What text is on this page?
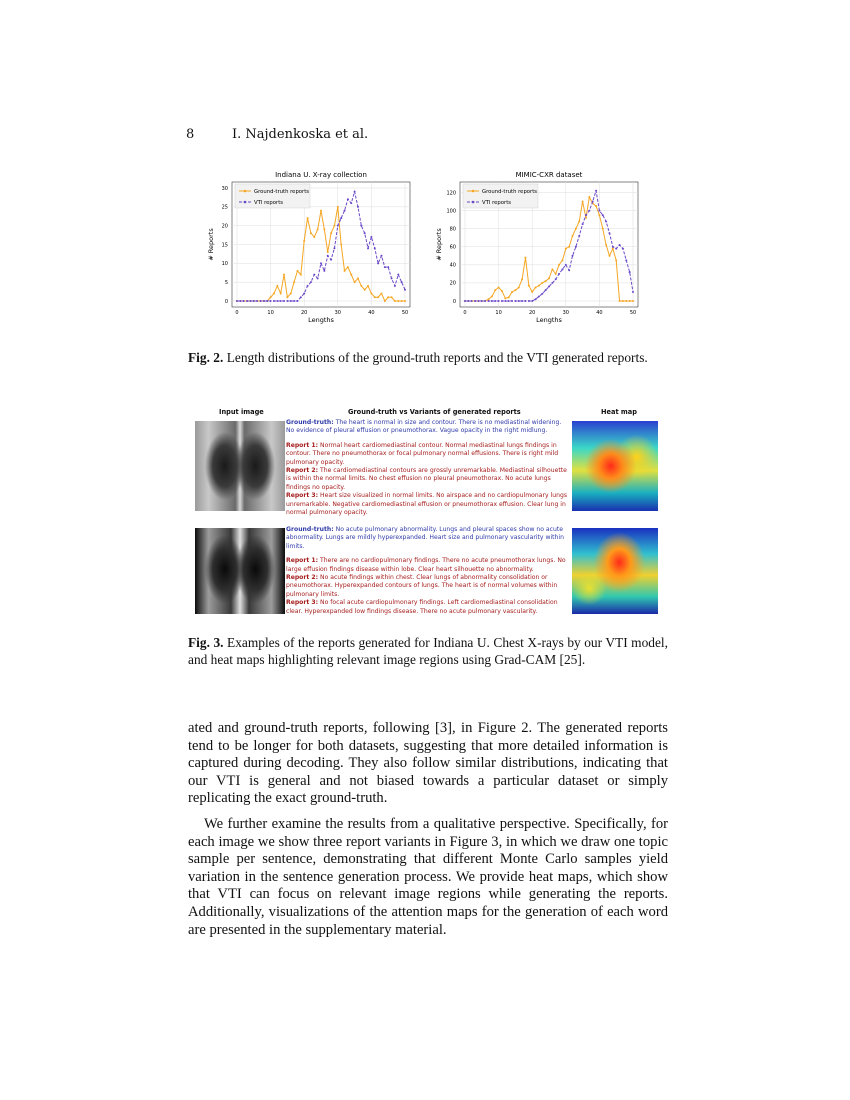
8	I. Najdenkoska et al.
Indiana U. X-ray collection
0	10	20	30	40	50
0
5
10
15
20
25
30
Lengths
# Reports
Ground-truth reports
VTI reports
MIMIC-CXR dataset
0	10	20	30	40	50
0
20
40
60
80
100
120
Lengths
# Reports
Ground-truth reports
VTI reports
Fig. 2. Length distributions of the ground-truth reports and the VTI generated reports.
Input image	Ground-truth vs Variants of generated reports	Heat map
Ground-truth: The heart is normal in size and contour. There is no mediastinal widening. No evidence of pleural effusion or pneumothorax. Vague opacity in the right midlung.
Report 1: Normal heart cardiomediastinal contour. Normal mediastinal lungs findings in contour. There no pneumothorax or focal pulmonary normal effusions. There is right mild pulmonary opacity.
Report 2: The cardiomediastinal contours are grossly unremarkable. Mediastinal silhouette is within the normal limits. No chest effusion no pleural pneumothorax. No acute lungs findings no opacity.
Report 3: Heart size visualized in normal limits. No airspace and no cardiopulmonary lungs unremarkable. Negative cardiomediastinal effusion or pneumothorax effusion. Clear lung in normal pulmonary opacity.
Ground-truth: No acute pulmonary abnormality. Lungs and pleural spaces show no acute abnormality. Lungs are mildly hyperexpanded. Heart size and pulmonary vascularity within limits.
Report 1: There are no cardiopulmonary findings. There no acute pneumothorax lungs. No large effusion findings disease within lobe. Clear heart silhouette no abnormality.
Report 2: No acute findings within chest. Clear lungs of abnormality consolidation or pneumothorax. Hyperexpanded contours of lungs. The heart is of normal volumes within pulmonary limits.
Report 3: No focal acute cardiopulmonary findings. Left cardiomediastinal consolidation clear. Hyperexpanded low findings disease. There no acute pulmonary vascularity.
Fig. 3. Examples of the reports generated for Indiana U. Chest X-rays by our VTI model, and heat maps highlighting relevant image regions using Grad-CAM [25].

ated and ground-truth reports, following [3], in Figure 2. The generated reports tend to be longer for both datasets, suggesting that more detailed information is captured during decoding. They also follow similar distributions, indicating that our VTI is general and not biased towards a particular dataset or simply replicating the exact ground-truth.

We further examine the results from a qualitative perspective. Specifically, for each image we show three report variants in Figure 3, in which we draw one topic sample per sentence, demonstrating that different Monte Carlo samples yield variation in the sentence generation process. We provide heat maps, which show that VTI can focus on relevant image regions while generating the reports. Additionally, visualizations of the attention maps for the generation of each word are presented in the supplementary material.
